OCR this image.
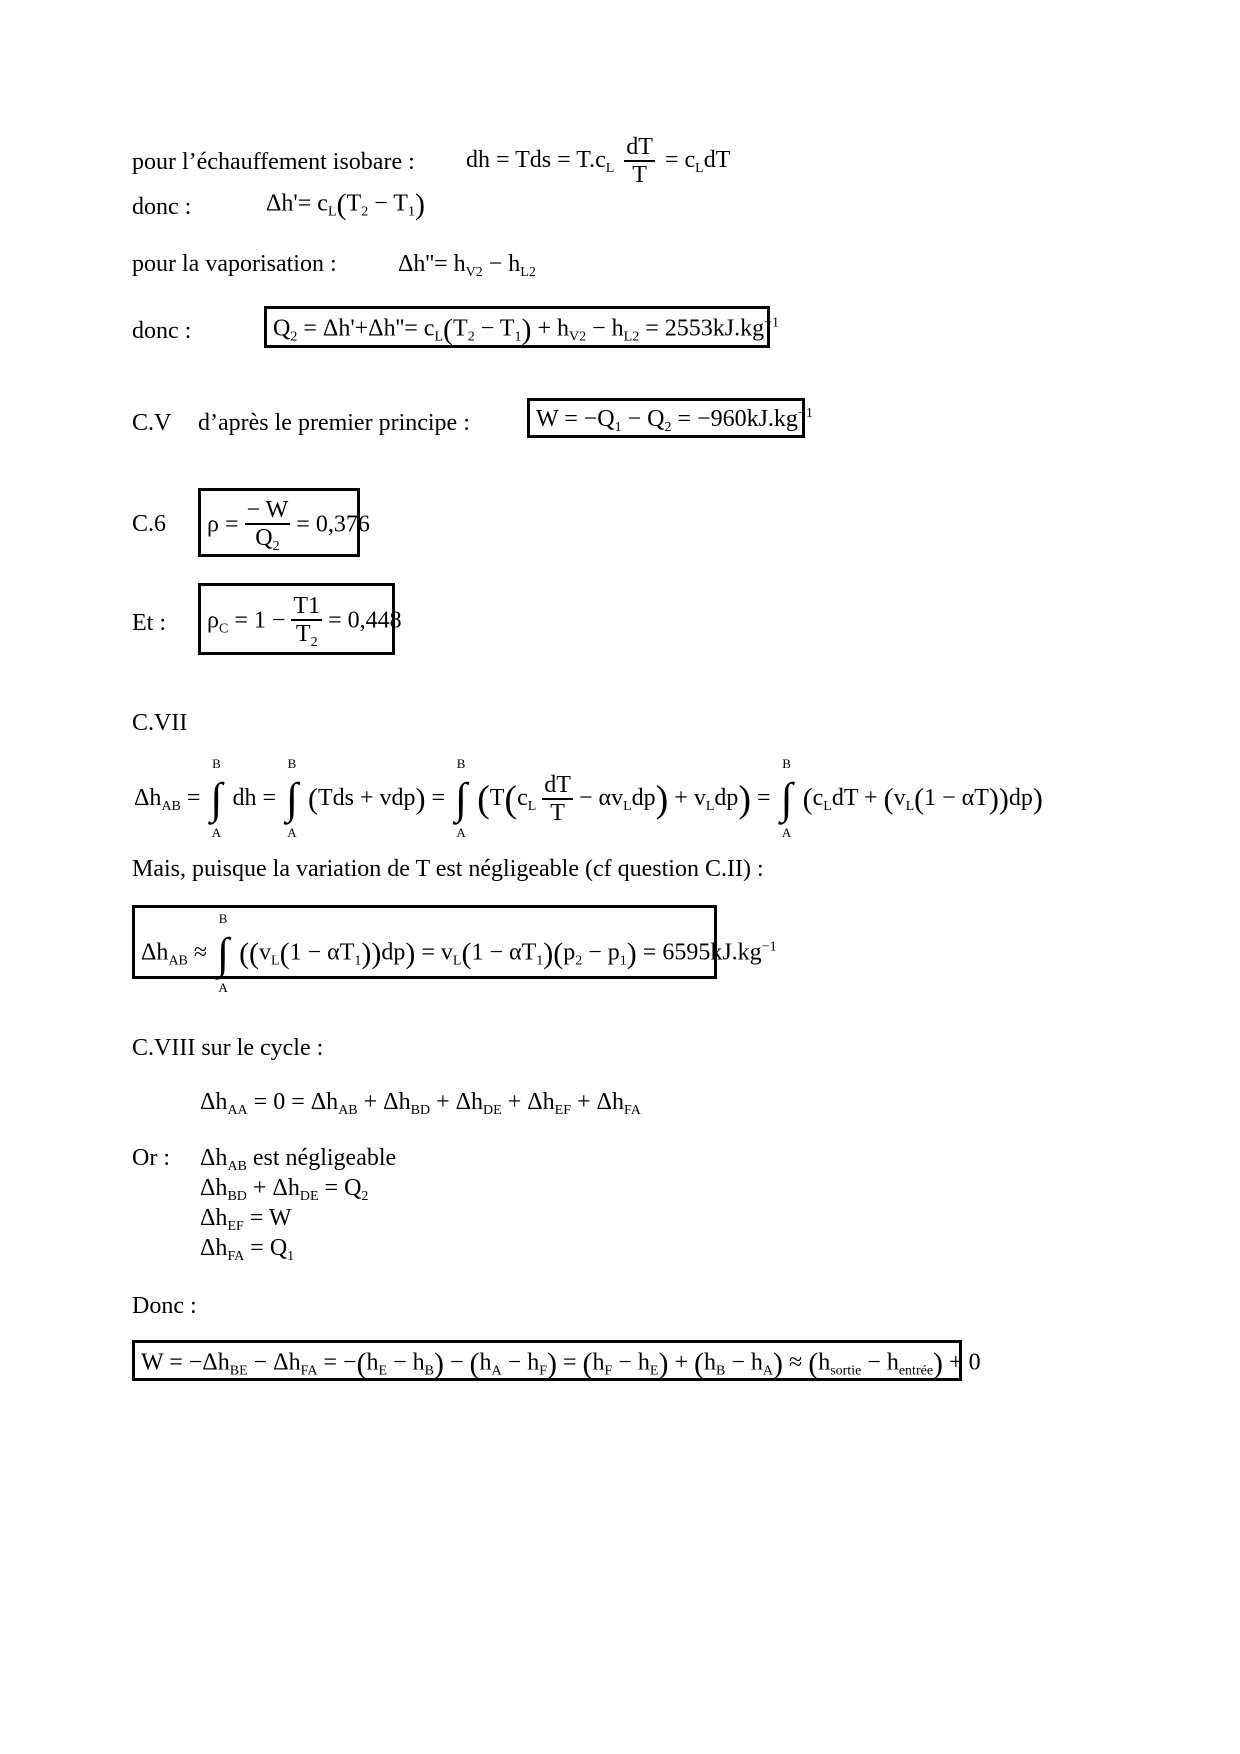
pour l’échauffement isobare : dh = Tds = $T.c_L \frac{dT}{T} = c_LdT$
donc :	$\Delta h'= c_L(T_2 - T_1)$
pour la vaporisation :	$\Delta h''= h_{V2} - h_{L2}$
donc :	$Q_2 = \Delta h'+\Delta h''= c_L(T_2 - T_1) + h_{V2} - h_{L2} = 2553kJ.kg^{-1}$
C.V d’après le premier principe :	$W = -Q_1 - Q_2 = -960kJ.kg^{-1}$
C.6 $\rho = \frac{- W}{Q_2} = 0,376$
Et : $\rho_C = 1 - \frac{T1}{T_2} = 0,448$
C.VII
$\Delta h_{AB}$ =
B
∫
A
dh =
B
∫
A
(Tds + vdp) =
B
∫
A
$(T(c_L \frac{dT}{T} - \alpha v_Ldp) + v_Ldp)$ =
B
∫
A
$(c_LdT + (v_L(1 - \alpha T))dp)$
Mais, puisque la variation de T est négligeable (cf question C.II) :
$\Delta h_{AB}$ ≈
B
∫
A
$((v_L(1 - \alpha T_1))dp) = v_L(1 - \alpha T_1)(p_2 - p_1) = 6595kJ.kg^{-1}$
C.VIII sur le cycle :
$\Delta h_{AA} = 0 = \Delta h_{AB} + \Delta h_{BD} + \Delta h_{DE} + \Delta h_{EF} + \Delta h_{FA}$
Or : $\Delta h_{AB}$ est négligeable
$\Delta h_{BD} + \Delta h_{DE} = Q_2$
$\Delta h_{EF} = W$
$\Delta h_{FA} = Q_1$
Donc :
$W = -\Delta h_{BE} - \Delta h_{FA} = -(h_E - h_B) - (h_A - h_F) = (h_F - h_E) + (h_B - h_A) \approx (h_{sortie} - h_{entrée}) + 0$
